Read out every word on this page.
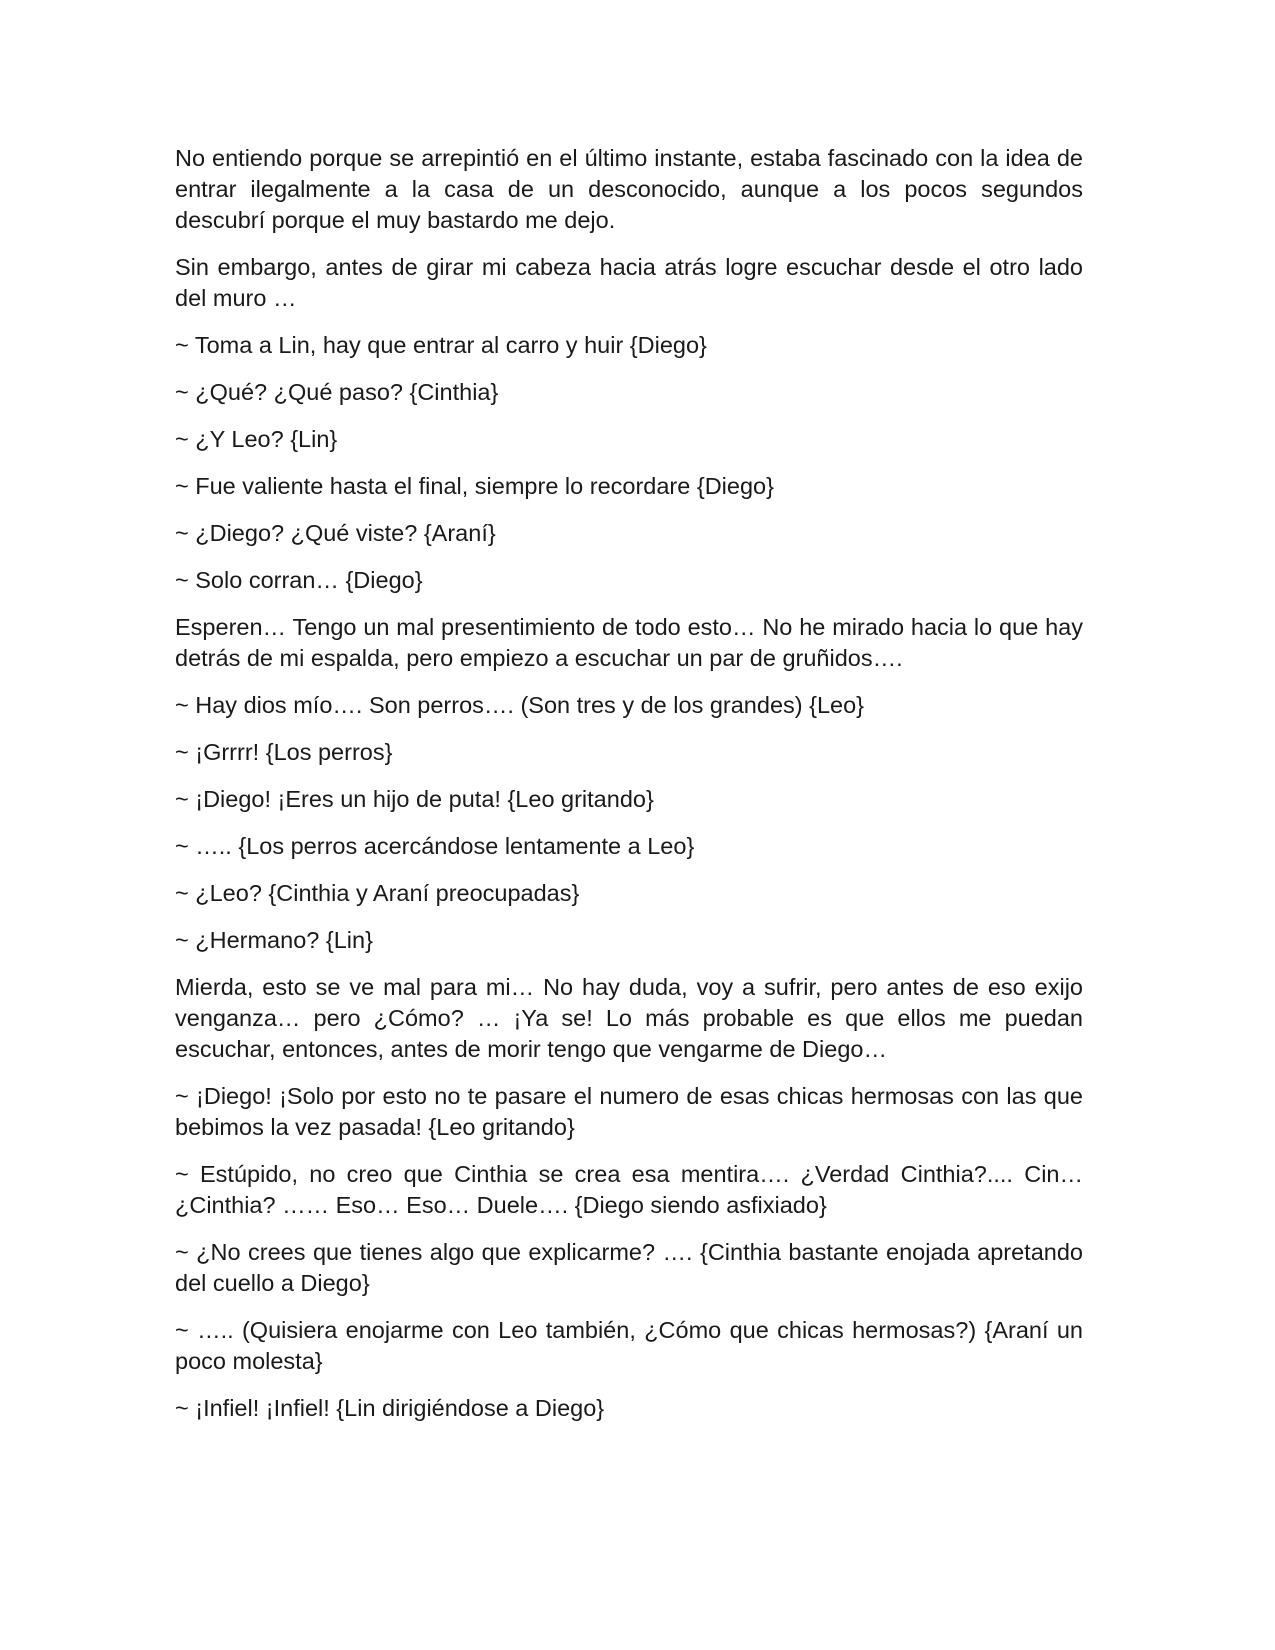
No entiendo porque se arrepintió en el último instante, estaba fascinado con la idea de entrar ilegalmente a la casa de un desconocido, aunque a los pocos segundos descubrí porque el muy bastardo me dejo.

Sin embargo, antes de girar mi cabeza hacia atrás logre escuchar desde el otro lado del muro …

~ Toma a Lin, hay que entrar al carro y huir {Diego}

~ ¿Qué? ¿Qué paso? {Cinthia}

~ ¿Y Leo? {Lin}

~ Fue valiente hasta el final, siempre lo recordare {Diego}

~ ¿Diego? ¿Qué viste? {Araní}

~ Solo corran… {Diego}

Esperen… Tengo un mal presentimiento de todo esto… No he mirado hacia lo que hay detrás de mi espalda, pero empiezo a escuchar un par de gruñidos….

~ Hay dios mío…. Son perros…. (Son tres y de los grandes) {Leo}

~ ¡Grrrr! {Los perros}

~ ¡Diego! ¡Eres un hijo de puta! {Leo gritando}

~ ….. {Los perros acercándose lentamente a Leo}

~ ¿Leo? {Cinthia y Araní preocupadas}

~ ¿Hermano? {Lin}

Mierda, esto se ve mal para mi… No hay duda, voy a sufrir, pero antes de eso exijo venganza… pero ¿Cómo? … ¡Ya se! Lo más probable es que ellos me puedan escuchar, entonces, antes de morir tengo que vengarme de Diego…

~ ¡Diego! ¡Solo por esto no te pasare el numero de esas chicas hermosas con las que bebimos la vez pasada! {Leo gritando}

~ Estúpido, no creo que Cinthia se crea esa mentira…. ¿Verdad Cinthia?.... Cin… ¿Cinthia? …… Eso… Eso… Duele…. {Diego siendo asfixiado}

~ ¿No crees que tienes algo que explicarme? …. {Cinthia bastante enojada apretando del cuello a Diego}

~ ….. (Quisiera enojarme con Leo también, ¿Cómo que chicas hermosas?) {Araní un poco molesta}

~ ¡Infiel! ¡Infiel! {Lin dirigiéndose a Diego}
